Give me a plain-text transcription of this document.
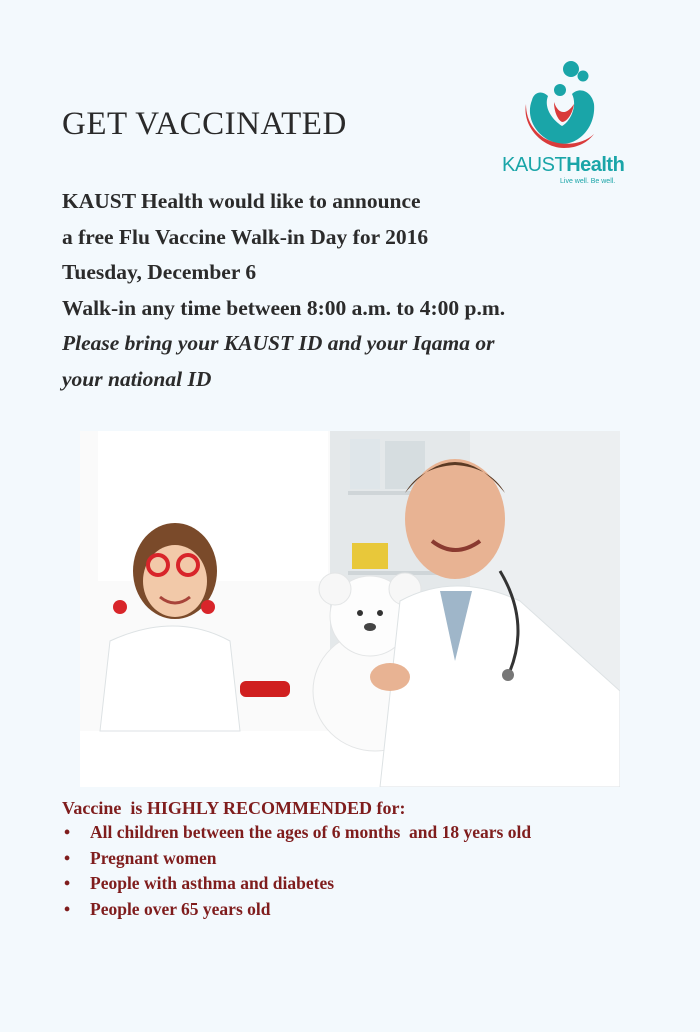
GET VACCINATED
KAUSTHealth
Live well. Be well.
KAUST Health would like to announce
a free Flu Vaccine Walk-in Day for 2016
Tuesday, December 6
Walk-in any time between 8:00 a.m. to 4:00 p.m.
Please bring your KAUST ID and your Iqama or
your national ID
Vaccine  is HIGHLY RECOMMENDED for:
• All children between the ages of 6 months  and 18 years old
• Pregnant women
• People with asthma and diabetes
• People over 65 years old
